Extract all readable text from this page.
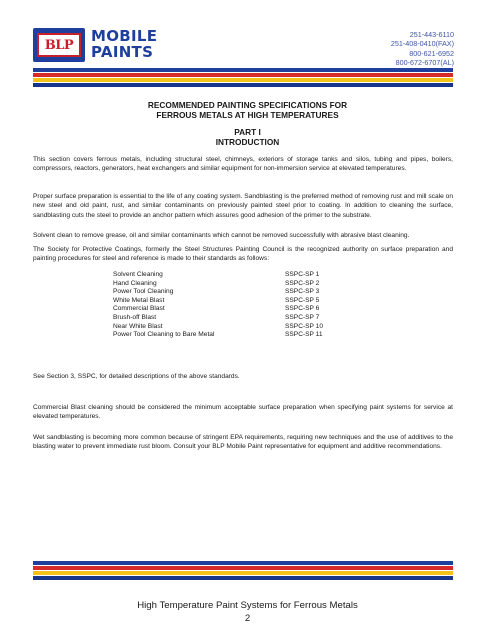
BLP	MOBILE
PAINTS
251-443-6110
251-408-0410(FAX)
800-621-6952
800-672-6707(AL)
RECOMMENDED PAINTING SPECIFICATIONS FOR
FERROUS METALS AT HIGH TEMPERATURES
PART I
INTRODUCTION
This section covers ferrous metals, including structural steel, chimneys, exteriors of storage tanks and silos, tubing and pipes, boilers, compressors, reactors, generators, heat exchangers and similar equipment for non-immersion service at elevated temperatures.
Proper surface preparation is essential to the life of any coating system. Sandblasting is the preferred method of removing rust and mill scale on new steel and old paint, rust, and similar contaminants on previously painted steel prior to coating. In addition to cleaning the surface, sandblasting cuts the steel to provide an anchor pattern which assures good adhesion of the primer to the substrate.
Solvent clean to remove grease, oil and similar contaminants which cannot be removed successfully with abrasive blast cleaning.
The Society for Protective Coatings, formerly the Steel Structures Painting Council is the recognized authority on surface preparation and painting procedures for steel and reference is made to their standards as follows:
Solvent Cleaning	SSPC-SP 1
Hand Cleaning	SSPC-SP 2
Power Tool Cleaning	SSPC-SP 3
White Metal Blast	SSPC-SP 5
Commercial Blast	SSPC-SP 6
Brush-off Blast	SSPC-SP 7
Near White Blast	SSPC-SP 10
Power Tool Cleaning to Bare Metal	SSPC-SP 11
See Section 3, SSPC, for detailed descriptions of the above standards.
Commercial Blast cleaning should be considered the minimum acceptable surface preparation when specifying paint systems for service at elevated temperatures.
Wet sandblasting is becoming more common because of stringent EPA requirements, requiring new techniques and the use of additives to the blasting water to prevent immediate rust bloom. Consult your BLP Mobile Paint representative for equipment and additive recommendations.
High Temperature Paint Systems for Ferrous Metals
2
